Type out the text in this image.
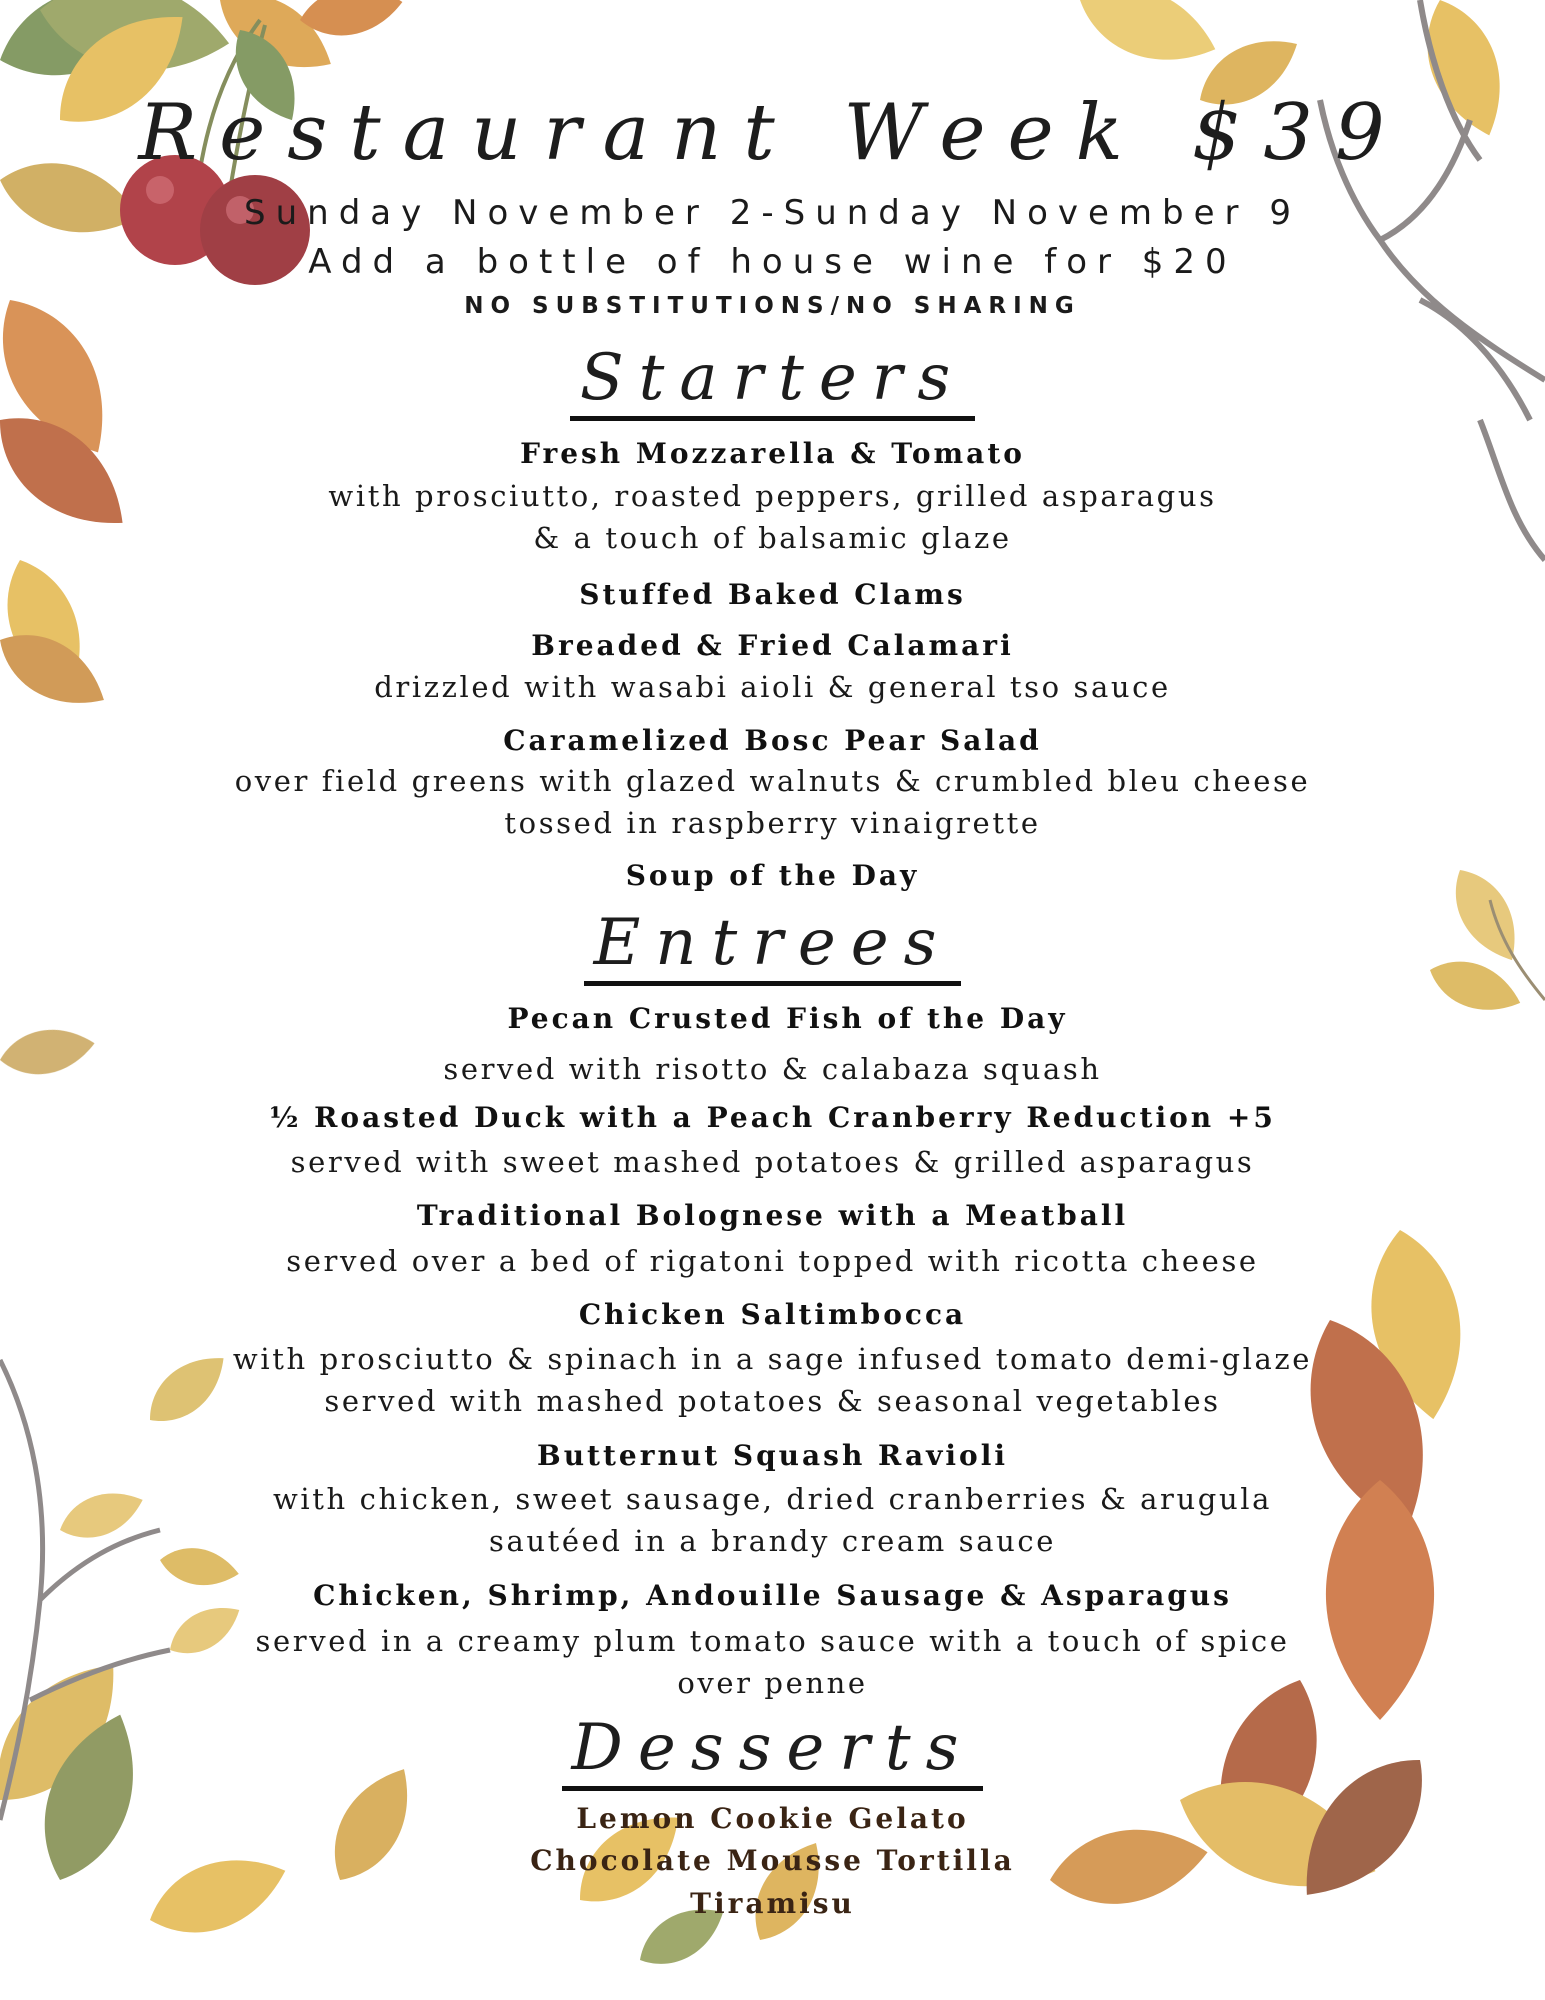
Restaurant Week $39
Sunday November 2-Sunday November 9
Add a bottle of house wine for $20
NO SUBSTITUTIONS/NO SHARING
Starters
Fresh Mozzarella & Tomato
with prosciutto, roasted peppers, grilled asparagus
& a touch of balsamic glaze
Stuffed Baked Clams
Breaded & Fried Calamari
drizzled with wasabi aioli & general tso sauce
Caramelized Bosc Pear Salad
over field greens with glazed walnuts & crumbled bleu cheese
tossed in raspberry vinaigrette
Soup of the Day
Entrees
Pecan Crusted Fish of the Day
served with risotto & calabaza squash
½ Roasted Duck with a Peach Cranberry Reduction +5
served with sweet mashed potatoes & grilled asparagus
Traditional Bolognese with a Meatball
served over a bed of rigatoni topped with ricotta cheese
Chicken Saltimbocca
with prosciutto & spinach in a sage infused tomato demi-glaze
served with mashed potatoes & seasonal vegetables
Butternut Squash Ravioli
with chicken, sweet sausage, dried cranberries & arugula
sautéed in a brandy cream sauce
Chicken, Shrimp, Andouille Sausage & Asparagus
served in a creamy plum tomato sauce with a touch of spice
over penne
Desserts
Lemon Cookie Gelato
Chocolate Mousse Tortilla
Tiramisu
